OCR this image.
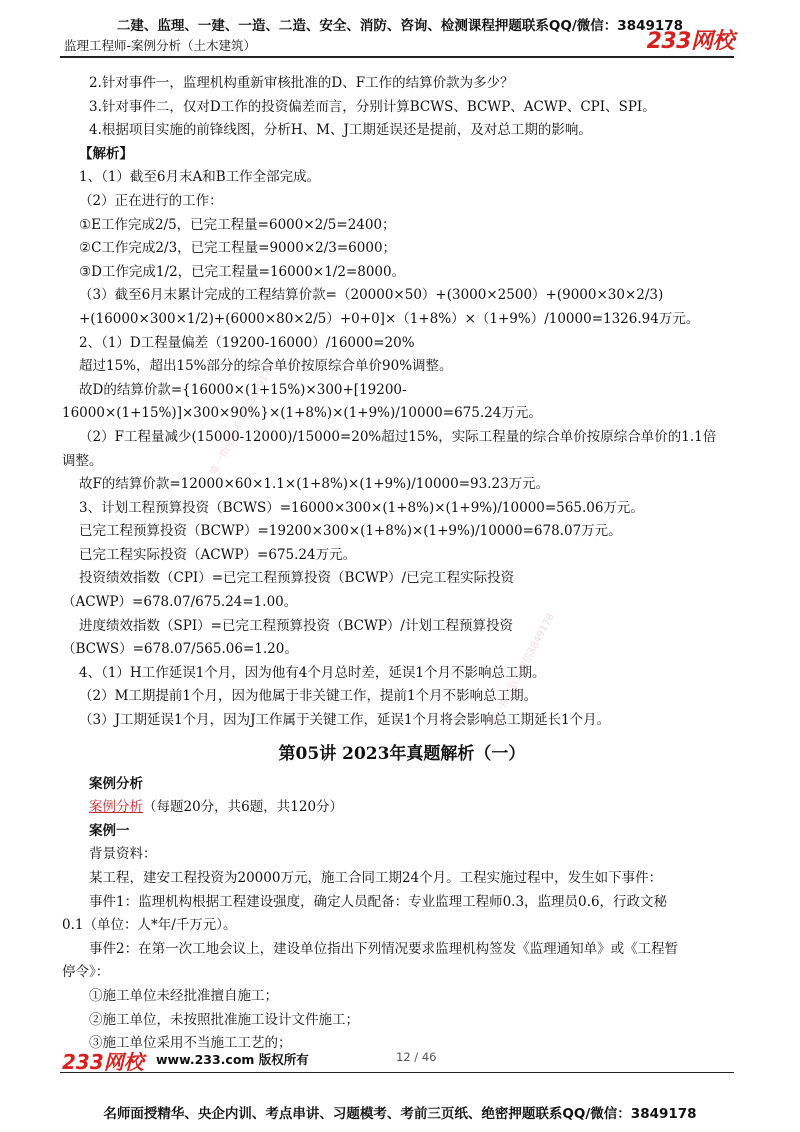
二建、监理、一建、一造、二造、安全、消防、咨询、检测课程押题联系QQ/微信：3849178
监理工程师-案例分析（土木建筑）	233网校
2.针对事件一，监理机构重新审核批准的D、F工作的结算价款为多少？
3.针对事件二，仅对D工作的投资偏差而言，分别计算BCWS、BCWP、ACWP、CPI、SPI。
4.根据项目实施的前锋线图，分析H、M、J工期延误还是提前，及对总工期的影响。
【解析】
1、（1）截至6月末A和B工作全部完成。
（2）正在进行的工作：
①E工作完成2/5，已完工程量=6000×2/5=2400；
②C工作完成2/3，已完工程量=9000×2/3=6000；
③D工作完成1/2，已完工程量=16000×1/2=8000。
（3）截至6月末累计完成的工程结算价款=（20000×50）+(3000×2500）+(9000×30×2/3)
+(16000×300×1/2)+(6000×80×2/5）+0+0]×（1+8%）×（1+9%）/10000=1326.94万元。
2、（1）D工程量偏差（19200-16000）/16000=20%
超过15%，超出15%部分的综合单价按原综合单价90%调整。
故D的结算价款={16000×(1+15%)×300+[19200-
16000×(1+15%)]×300×90%}×(1+8%)×(1+9%)/10000=675.24万元。
（2）F工程量减少(15000-12000)/15000=20%超过15%，实际工程量的综合单价按原综合单价的1.1倍
调整。
故F的结算价款=12000×60×1.1×(1+8%)×(1+9%)/10000=93.23万元。
3、计划工程预算投资（BCWS）=16000×300×(1+8%)×(1+9%)/10000=565.06万元。
已完工程预算投资（BCWP）=19200×300×(1+8%)×(1+9%)/10000=678.07万元。
已完工程实际投资（ACWP）=675.24万元。
投资绩效指数（CPI）=已完工程预算投资（BCWP）/已完工程实际投资
（ACWP）=678.07/675.24=1.00。
进度绩效指数（SPI）=已完工程预算投资（BCWP）/计划工程预算投资
（BCWS）=678.07/565.06=1.20。
4、（1）H工作延误1个月，因为他有4个月总时差，延误1个月不影响总工期。
（2）M工期提前1个月，因为他属于非关键工作，提前1个月不影响总工期。
（3）J工期延误1个月，因为J工作属于关键工作，延误1个月将会影响总工期延长1个月。
第05讲 2023年真题解析（一）
案例分析
案例分析（每题20分，共6题，共120分）
案例一
背景资料：
某工程，建安工程投资为20000万元，施工合同工期24个月。工程实施过程中，发生如下事件：
事件1：监理机构根据工程建设强度，确定人员配备：专业监理工程师0.3，监理员0.6，行政文秘
0.1（单位：人*年/千万元）。
事件2：在第一次工地会议上，建设单位指出下列情况要求监理机构签发《监理通知单》或《工程暂
停令》：
①施工单位未经批准擅自施工；
②施工单位，未按照批准施工设计文件施工；
③施工单位采用不当施工工艺的；
唯一指定联系微信3849178
唯一指定联系微信3849178
233网校 www.233.com 版权所有	12 / 46
名师面授精华、央企内训、考点串讲、习题模考、考前三页纸、绝密押题联系QQ/微信：3849178
